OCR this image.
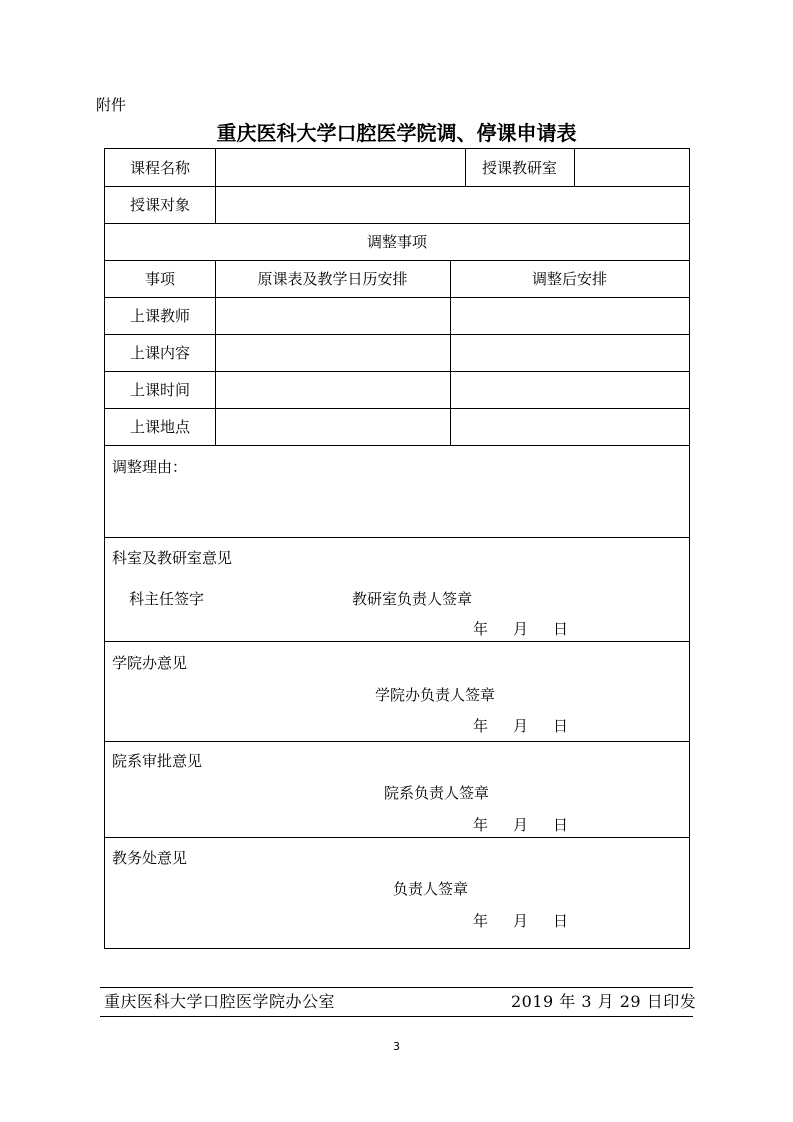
附件
重庆医科大学口腔医学院调、停课申请表
课程名称	授课教研室
授课对象
调整事项
事项	原课表及教学日历安排	调整后安排
上课教师
上课内容
上课时间
上课地点
调整理由：
科室及教研室意见
科主任签字	教研室负责人签章
年 月 日
学院办意见
学院办负责人签章
年 月 日
院系审批意见
院系负责人签章
年 月 日
教务处意见
负责人签章
年 月 日
重庆医科大学口腔医学院办公室	2019 年 3 月 29 日印发
3
